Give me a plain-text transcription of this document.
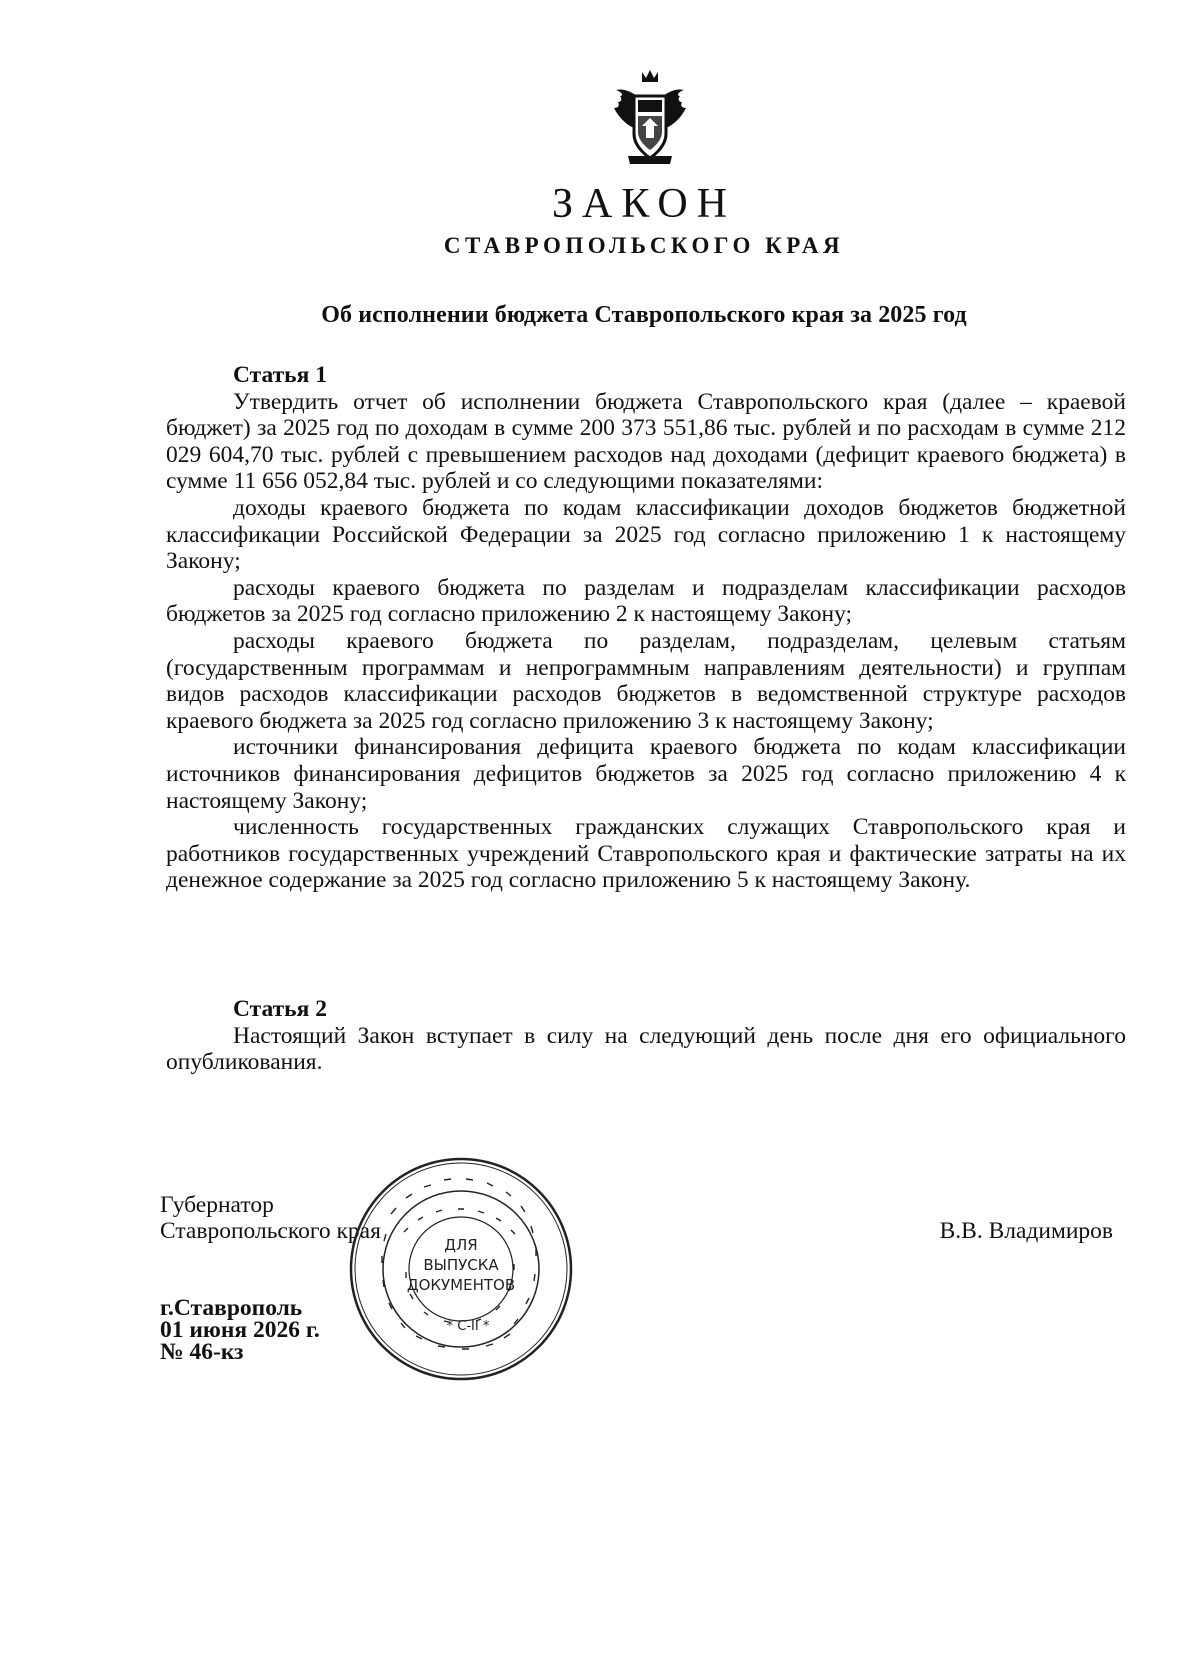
ЗАКОН
СТАВРОПОЛЬСКОГО КРАЯ
Об исполнении бюджета Ставропольского края за 2025 год
Статья 1

Утвердить отчет об исполнении бюджета Ставропольского края (далее – краевой бюджет) за 2025 год по доходам в сумме 200 373 551,86 тыс. рублей и по расходам в сумме 212 029 604,70 тыс. рублей с превышением расходов над доходами (дефицит краевого бюджета) в сумме 11 656 052,84 тыс. рублей и со следующими показателями:

доходы краевого бюджета по кодам классификации доходов бюджетов бюджетной классификации Российской Федерации за 2025 год согласно приложению 1 к настоящему Закону;

расходы краевого бюджета по разделам и подразделам классификации расходов бюджетов за 2025 год согласно приложению 2 к настоящему Закону;

расходы краевого бюджета по разделам, подразделам, целевым статьям (государственным программам и непрограммным направлениям деятельности) и группам видов расходов классификации расходов бюджетов в ведомственной структуре расходов краевого бюджета за 2025 год согласно приложению 3 к настоящему Закону;

источники финансирования дефицита краевого бюджета по кодам классификации источников финансирования дефицитов бюджетов за 2025 год согласно приложению 4 к настоящему Закону;

численность государственных гражданских служащих Ставропольского края и работников государственных учреждений Ставропольского края и фактические затраты на их денежное содержание за 2025 год согласно приложению 5 к настоящему Закону.

Статья 2

Настоящий Закон вступает в силу на следующий день после дня его официального опубликования.

Губернатор
Ставропольского края	В.В. Владимиров
г.Ставрополь
01 июня 2026 г.
№ 46-кз
ДЛЯ
ВЫПУСКА
ДОКУМЕНТОВ
* С-II *
